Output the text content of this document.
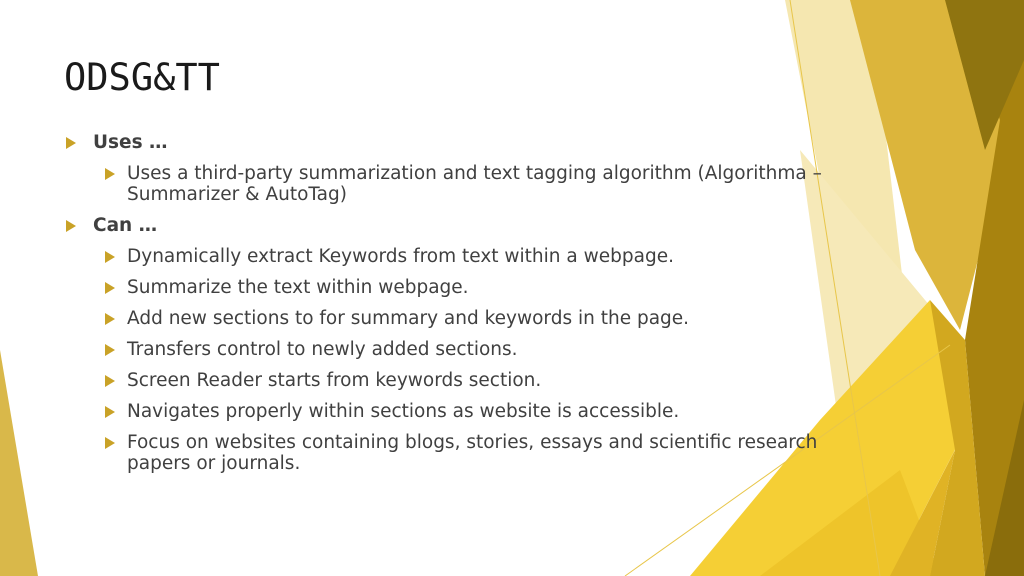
ODSG&TT
Uses …
Uses a third-party summarization and text tagging algorithm (Algorithma – Summarizer & AutoTag)
Can …
Dynamically extract Keywords from text within a webpage.
Summarize the text within webpage.
Add new sections to for summary and keywords in the page.
Transfers control to newly added sections.
Screen Reader starts from keywords section.
Navigates properly within sections as website is accessible.
Focus on websites containing blogs, stories, essays and scientific research papers or journals.
